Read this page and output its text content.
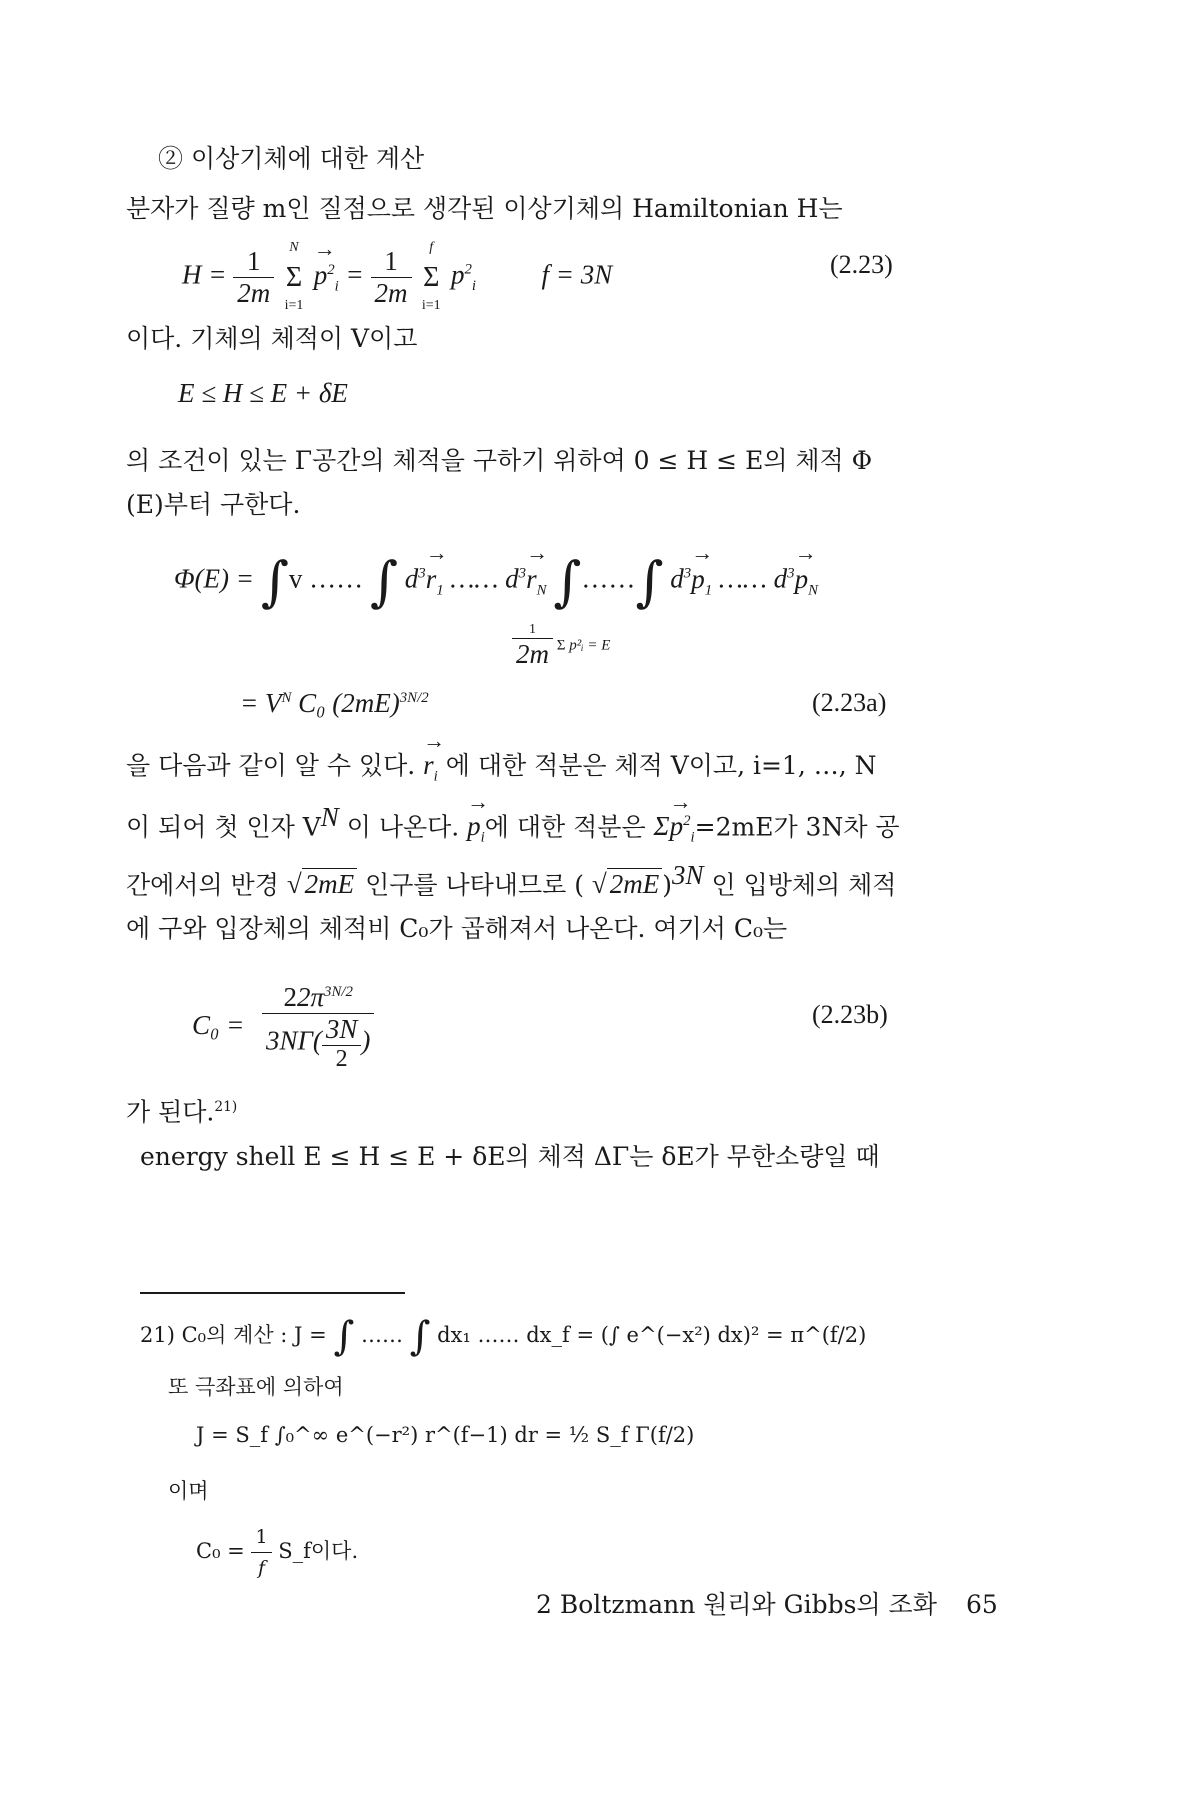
② 이상기체에 대한 계산
분자가 질량 m인 질점으로 생각된 이상기체의 Hamiltonian H는
$H = \frac{1}{2m}$ Σ
N
i=1
→ $p^2_i = \frac{1}{2m}$ Σ
f
i=1
$p^2_i$ f = 3N	(2.23)
이다. 기체의 체적이 V이고
E ≤ H ≤ E + δE
의 조건이 있는 Γ공간의 체적을 구하기 위하여 0 ≤ H ≤ E의 체적 Φ
(E)부터 구한다.
Φ(E) = ∫v …… ∫ $d^3\to r_1$ …… $d^3\to r_N$ ∫……∫ $d^3\to p_1$ …… $d^3\to p_N$
$\frac{1}{2m}$ Σ p²ᵢ = E
= $V^N$ C₀ $(2mE)^{3N/2}$	(2.23a)
을 다음과 같이 알 수 있다. → $r_i$ 에 대한 적분은 체적 V이고, i=1, …, N
이 되어 첫 인자 $V^N$ 이 나온다. → $p_i$에 대한 적분은 $\Sigma\to p^2_i=2mE$가 3N차 공
간에서의 반경 √ 2mE 인구를 나타내므로 ( √ 2mE )$^{3N}$ 인 입방체의 체적
에 구와 입장체의 체적비 C₀가 곱해져서 나온다. 여기서 C₀는
$C_0 = \frac{22\pi^{3N/2}}{3N\Gamma( \frac{3N}{2} )}$	(2.23b)
가 된다.$^{21)}$
energy shell E ≤ H ≤ E + δE의 체적 ΔΓ는 δE가 무한소량일 때
21) C₀의 계산 : J = ∫ …… ∫ dx₁ …… dx_f = (∫ e^(−x²) dx)² = π^(f/2)
또 극좌표에 의하여
J = S_f ∫₀^∞ e^(−r²) r^(f−1) dr = ½ S_f Γ(f/2)
이며
$C_0 = \frac{1}{f}$ S_f이다.
2 Boltzmann 원리와 Gibbs의 조화 65
